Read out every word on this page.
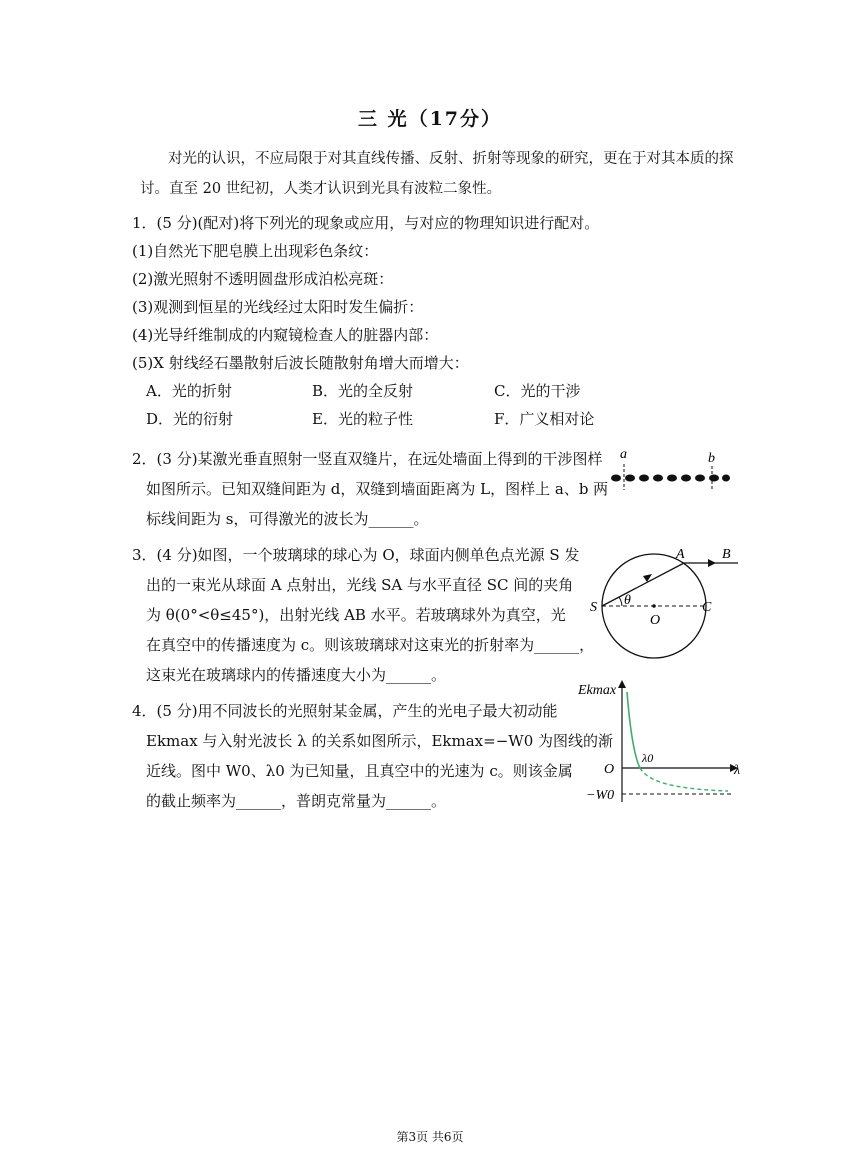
三 光（17分）
对光的认识，不应局限于对其直线传播、反射、折射等现象的研究，更在于对其本质的探讨。直至 20 世纪初，人类才认识到光具有波粒二象性。
1．(5 分)(配对)将下列光的现象或应用，与对应的物理知识进行配对。
(1)自然光下肥皂膜上出现彩色条纹：
(2)激光照射不透明圆盘形成泊松亮斑：
(3)观测到恒星的光线经过太阳时发生偏折：
(4)光导纤维制成的内窥镜检查人的脏器内部：
(5)X 射线经石墨散射后波长随散射角增大而增大：
A．光的折射	B．光的全反射	C．光的干涉
D．光的衍射	E．光的粒子性	F．广义相对论
2．(3 分)某激光垂直照射一竖直双缝片，在远处墙面上得到的干涉图样
如图所示。已知双缝间距为 d，双缝到墙面距离为 L，图样上 a、b 两
标线间距为 s，可得激光的波长为______。
a	b
3．(4 分)如图，一个玻璃球的球心为 O，球面内侧单色点光源 S 发
出的一束光从球面 A 点射出，光线 SA 与水平直径 SC 间的夹角
为 θ(0°<θ≤45°)，出射光线 AB 水平。若玻璃球外为真空，光
在真空中的传播速度为 c。则该玻璃球对这束光的折射率为______，
这束光在玻璃球内的传播速度大小为______。
A	B
S	C
O
θ
4．(5 分)用不同波长的光照射某金属，产生的光电子最大初动能
Ekmax 与入射光波长 λ 的关系如图所示，Ekmax=−W0 为图线的渐
近线。图中 W0、λ0 为已知量，且真空中的光速为 c。则该金属
的截止频率为______，普朗克常量为______。
Ekmax
λ
O
λ0
−W0
第3页 共6页
